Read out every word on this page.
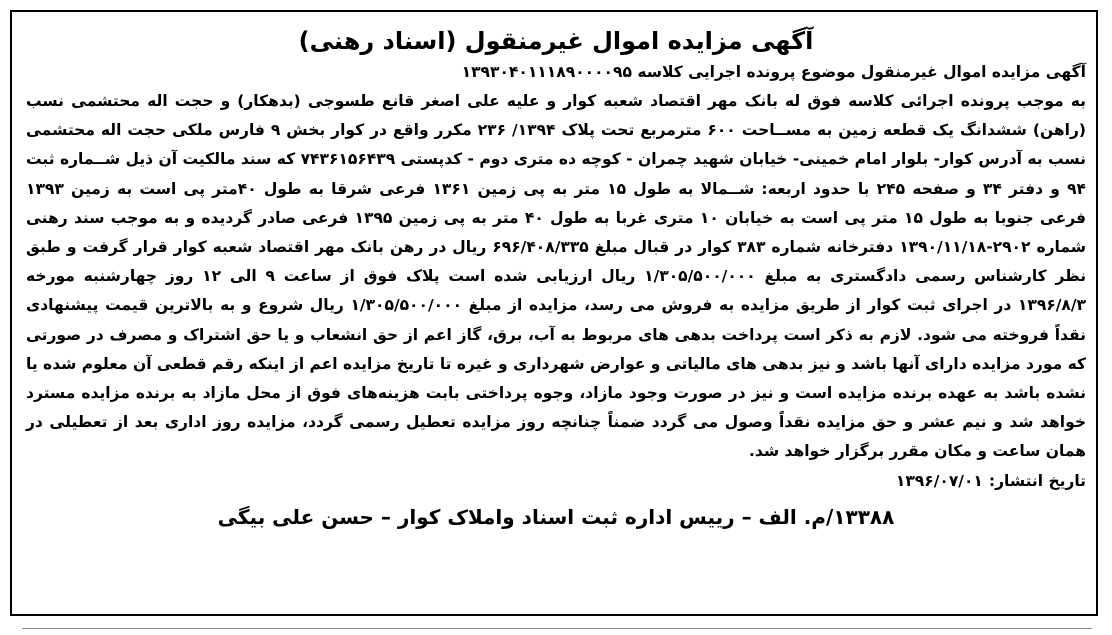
آگهی مزایده اموال غیرمنقول (اسناد رهنی)

آگهی مزایده اموال غیرمنقول موضوع پرونده اجرایی کلاسه ۱۳۹۳۰۴۰۱۱۱۸۹۰۰۰۰۹۵

به موجب پرونده اجرائی کلاسه فوق له بانک مهر اقتصاد شعبه کوار و علیه علی اصغر قانع طسوجی (بدهکار) و حجت اله محتشمی نسب (راهن) ششدانگ یک قطعه زمین به مســاحت ۶۰۰ مترمربع تحت پلاک ۱۳۹۴/ ۲۳۶ مکرر واقع در کوار بخش ۹ فارس ملکی حجت اله محتشمی نسب به آدرس کوار- بلوار امام خمینی- خیابان شهید چمران - کوچه ده متری دوم - کدپستی ۷۴۳۶۱۵۶۴۳۹ که سند مالکیت آن ذیل شــماره ثبت ۹۴ و دفتر ۳۴ و صفحه ۲۴۵ با حدود اربعه: شــمالا به طول ۱۵ متر به پی زمین ۱۳۶۱ فرعی شرقا به طول ۴۰متر پی است به زمین ۱۳۹۳ فرعی جنوبا به طول ۱۵ متر پی است به خیابان ۱۰ متری غربا به طول ۴۰ متر به پی زمین ۱۳۹۵ فرعی صادر گردیده و به موجب سند رهنی شماره ۲۹۰۲-۱۳۹۰/۱۱/۱۸ دفترخانه شماره ۳۸۳ کوار در قبال مبلغ ۶۹۶/۴۰۸/۳۳۵ ریال در رهن بانک مهر اقتصاد شعبه کوار قرار گرفت و طبق نظر کارشناس رسمی دادگستری به مبلغ ۱/۳۰۵/۵۰۰/۰۰۰ ریال ارزیابی شده است پلاک فوق از ساعت ۹ الی ۱۲ روز چهارشنبه مورخه ۱۳۹۶/۸/۳ در اجرای ثبت کوار از طریق مزایده به فروش می رسد، مزایده از مبلغ ۱/۳۰۵/۵۰۰/۰۰۰ ریال شروع و به بالاترین قیمت پیشنهادی نقداً فروخته می شود. لازم به ذکر است پرداخت بدهی های مربوط به آب، برق، گاز اعم از حق انشعاب و یا حق اشتراک و مصرف در صورتی که مورد مزایده دارای آنها باشد و نیز بدهی های مالیاتی و عوارض شهرداری و غیره تا تاریخ مزایده اعم از اینکه رقم قطعی آن معلوم شده یا نشده باشد به عهده برنده مزایده است و نیز در صورت وجود مازاد، وجوه پرداختی بابت هزینه‌های فوق از محل مازاد به برنده مزایده مسترد خواهد شد و نیم عشر و حق مزایده نقداً وصول می گردد ضمناً چنانچه روز مزایده تعطیل رسمی گردد، مزایده روز اداری بعد از تعطیلی در همان ساعت و مکان مقرر برگزار خواهد شد.

تاریخ انتشار:۱۳۹۶/۰۷/۰۱

۱۳۳۸۸/م. الف – رییس اداره ثبت اسناد واملاک کوار – حسن علی بیگی
